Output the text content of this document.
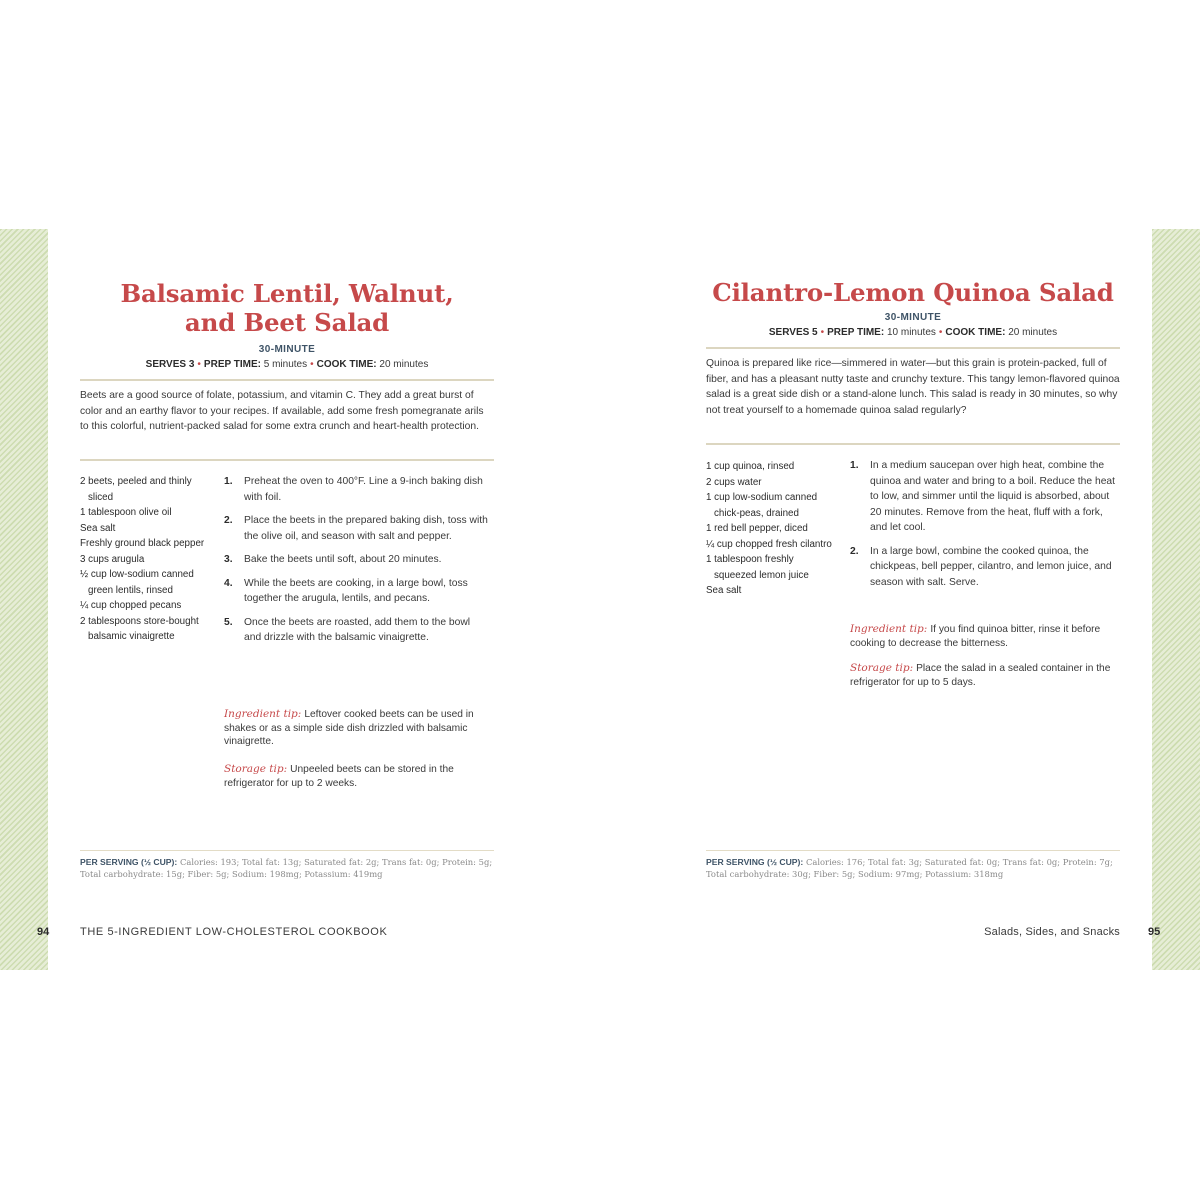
Balsamic Lentil, Walnut,
and Beet Salad
30-MINUTE
SERVES 3 • PREP TIME: 5 minutes • COOK TIME: 20 minutes

Beets are a good source of folate, potassium, and vitamin C. They add a great burst of color and an earthy flavor to your recipes. If available, add some fresh pomegranate arils to this colorful, nutrient-packed salad for some extra crunch and heart-health protection.

2 beets, peeled and thinly sliced
1 tablespoon olive oil
Sea salt
Freshly ground black pepper
3 cups arugula
½ cup low-sodium canned green lentils, rinsed
¼ cup chopped pecans
2 tablespoons store-bought balsamic vinaigrette
1. Preheat the oven to 400°F. Line a 9-inch baking dish with foil.
2. Place the beets in the prepared baking dish, toss with the olive oil, and season with salt and pepper.
3. Bake the beets until soft, about 20 minutes.
4. While the beets are cooking, in a large bowl, toss together the arugula, lentils, and pecans.
5. Once the beets are roasted, add them to the bowl and drizzle with the balsamic vinaigrette.

Ingredient tip: Leftover cooked beets can be used in shakes or as a simple side dish drizzled with balsamic vinaigrette.

Storage tip: Unpeeled beets can be stored in the refrigerator for up to 2 weeks.

PER SERVING (½ CUP): Calories: 193; Total fat: 13g; Saturated fat: 2g; Trans fat: 0g; Protein: 5g; Total carbohydrate: 15g; Fiber: 5g; Sodium: 198mg; Potassium: 419mg

Cilantro-Lemon Quinoa Salad
30-MINUTE
SERVES 5 • PREP TIME: 10 minutes • COOK TIME: 20 minutes

Quinoa is prepared like rice—simmered in water—but this grain is protein-packed, full of fiber, and has a pleasant nutty taste and crunchy texture. This tangy lemon-flavored quinoa salad is a great side dish or a stand-alone lunch. This salad is ready in 30 minutes, so why not treat yourself to a homemade quinoa salad regularly?

1 cup quinoa, rinsed
2 cups water
1 cup low-sodium canned chick-peas, drained
1 red bell pepper, diced
¼ cup chopped fresh cilantro
1 tablespoon freshly squeezed lemon juice
Sea salt
1. In a medium saucepan over high heat, combine the quinoa and water and bring to a boil. Reduce the heat to low, and simmer until the liquid is absorbed, about 20 minutes. Remove from the heat, fluff with a fork, and let cool.
2. In a large bowl, combine the cooked quinoa, the chickpeas, bell pepper, cilantro, and lemon juice, and season with salt. Serve.

Ingredient tip: If you find quinoa bitter, rinse it before cooking to decrease the bitterness.

Storage tip: Place the salad in a sealed container in the refrigerator for up to 5 days.

PER SERVING (½ CUP): Calories: 176; Total fat: 3g; Saturated fat: 0g; Trans fat: 0g; Protein: 7g; Total carbohydrate: 30g; Fiber: 5g; Sodium: 97mg; Potassium: 318mg

94	THE 5-INGREDIENT LOW-CHOLESTEROL COOKBOOK	Salads, Sides, and Snacks	95
